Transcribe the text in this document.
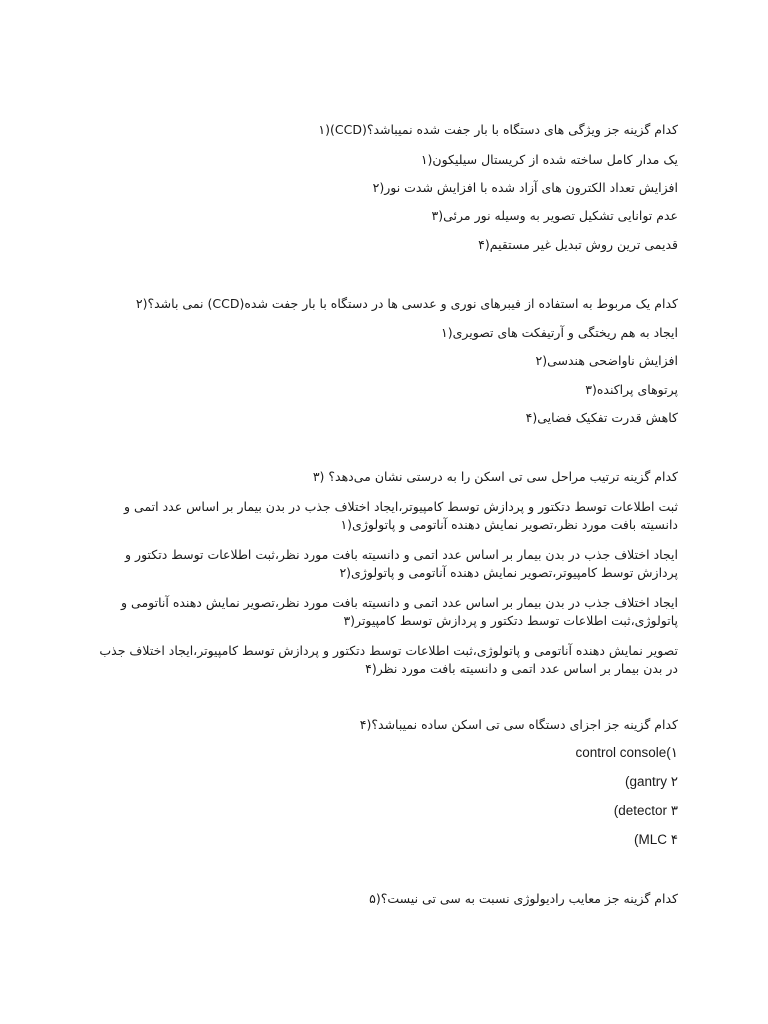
کدام گزینه جز ویژگی های دستگاه با بار جفت شده نمیباشد؟(CCD)(۱
یک مدار کامل ساخته شده از کریستال سیلیکون(۱
افزایش تعداد الکترون های آزاد شده با افزایش شدت نور(۲
عدم توانایی تشکیل تصویر به وسیله نور مرئی(۳
قدیمی ترین روش تبدیل غیر مستقیم(۴
کدام یک مربوط به استفاده از فیبرهای نوری و عدسی ها در دستگاه با بار جفت شده(CCD) نمی باشد؟(۲
ایجاد به هم ریختگی و آرتیفکت های تصویری(۱
افزایش ناواضحی هندسی(۲
پرتوهای پراکنده(۳
کاهش قدرت تفکیک فضایی(۴
کدام گزینه ترتیب مراحل سی تی اسکن را به درستی نشان می‌دهد؟ (۳
ثبت اطلاعات توسط دتکتور و پردازش توسط کامپیوتر،ایجاد اختلاف جذب در بدن بیمار بر اساس عدد اتمی و دانسیته بافت مورد نظر،تصویر نمایش دهنده آناتومی و پاتولوژی(۱
ایجاد اختلاف جذب در بدن بیمار بر اساس عدد اتمی و دانسیته بافت مورد نظر،ثبت اطلاعات توسط دتکتور و پردازش توسط کامپیوتر،تصویر نمایش دهنده آناتومی و پاتولوژی(۲
ایجاد اختلاف جذب در بدن بیمار بر اساس عدد اتمی و دانسیته بافت مورد نظر،تصویر نمایش دهنده آناتومی و پاتولوژی،ثبت اطلاعات توسط دتکتور و پردازش توسط کامپیوتر(۳
تصویر نمایش دهنده آناتومی و پاتولوژی،ثبت اطلاعات توسط دتکتور و پردازش توسط کامپیوتر،ایجاد اختلاف جذب در بدن بیمار بر اساس عدد اتمی و دانسیته بافت مورد نظر(۴
کدام گزینه جز اجزای دستگاه سی تی اسکن ساده نمیباشد؟(۴
control console(۱
gantry ۲)
detector ۳)
MLC ۴)
کدام گزینه جز معایب رادیولوژی نسبت به سی تی نیست؟(۵
